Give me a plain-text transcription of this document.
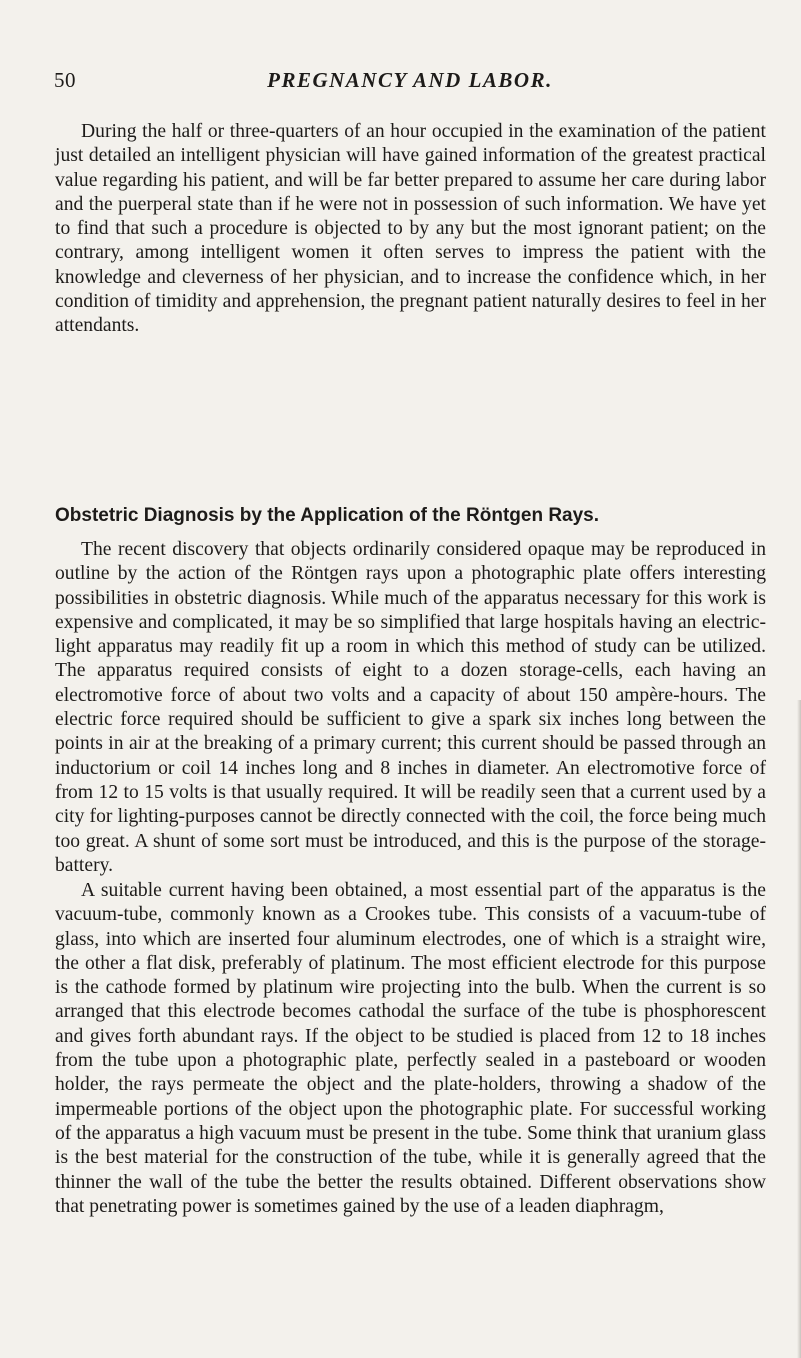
50	PREGNANCY AND LABOR.

During the half or three-quarters of an hour occupied in the examination of the patient just detailed an intelligent physician will have gained information of the greatest practical value regarding his patient, and will be far better prepared to assume her care during labor and the puerperal state than if he were not in possession of such information. We have yet to find that such a procedure is objected to by any but the most ignorant patient; on the contrary, among intelligent women it often serves to impress the patient with the knowledge and cleverness of her physician, and to increase the confidence which, in her condition of timidity and apprehension, the pregnant patient naturally desires to feel in her attendants.

Obstetric Diagnosis by the Application of the Röntgen Rays.

The recent discovery that objects ordinarily considered opaque may be reproduced in outline by the action of the Röntgen rays upon a photographic plate offers interesting possibilities in obstetric diagnosis. While much of the apparatus necessary for this work is expensive and complicated, it may be so simplified that large hospitals having an electric-light apparatus may readily fit up a room in which this method of study can be utilized. The apparatus required consists of eight to a dozen storage-cells, each having an electromotive force of about two volts and a capacity of about 150 ampère-hours. The electric force required should be sufficient to give a spark six inches long between the points in air at the breaking of a primary current; this current should be passed through an inductorium or coil 14 inches long and 8 inches in diameter. An electromotive force of from 12 to 15 volts is that usually required. It will be readily seen that a current used by a city for lighting-purposes cannot be directly connected with the coil, the force being much too great. A shunt of some sort must be introduced, and this is the purpose of the storage-battery.

A suitable current having been obtained, a most essential part of the apparatus is the vacuum-tube, commonly known as a Crookes tube. This consists of a vacuum-tube of glass, into which are inserted four aluminum electrodes, one of which is a straight wire, the other a flat disk, preferably of platinum. The most efficient electrode for this purpose is the cathode formed by platinum wire projecting into the bulb. When the current is so arranged that this electrode becomes cathodal the surface of the tube is phosphorescent and gives forth abundant rays. If the object to be studied is placed from 12 to 18 inches from the tube upon a photographic plate, perfectly sealed in a pasteboard or wooden holder, the rays permeate the object and the plate-holders, throwing a shadow of the impermeable portions of the object upon the photographic plate. For successful working of the apparatus a high vacuum must be present in the tube. Some think that uranium glass is the best material for the construction of the tube, while it is generally agreed that the thinner the wall of the tube the better the results obtained. Different observations show that penetrating power is sometimes gained by the use of a leaden diaphragm,
